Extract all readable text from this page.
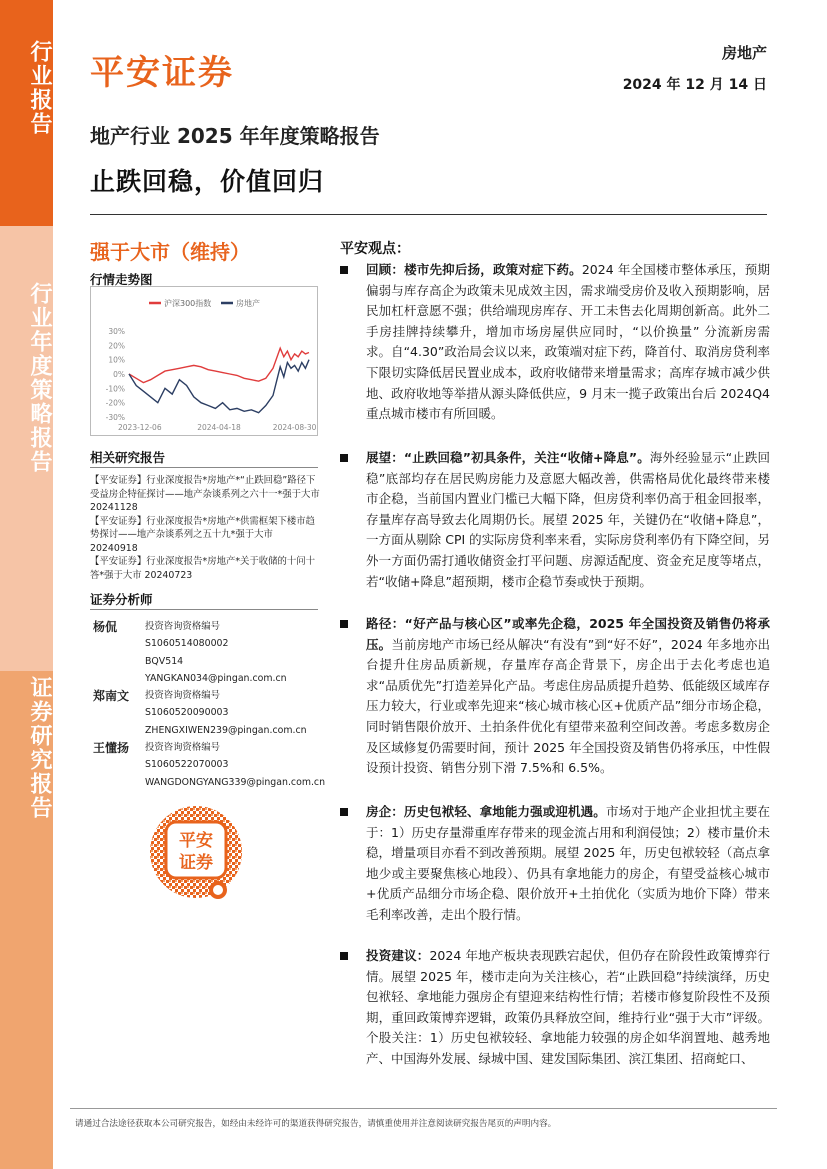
行业报告
行业年度策略报告
证券研究报告
平安证券	房地产
2024 年 12 月 14 日
地产行业 2025 年年度策略报告
止跌回稳，价值回归
强于大市（维持）
行情走势图
沪深300指数	房地产
30%
20%
10%
0%
-10%
-20%
-30%
2023-12-06	2024-04-18	2024-08-30
相关研究报告
【平安证券】行业深度报告*房地产*“止跌回稳”路径下受益房企特征探讨——地产杂谈系列之六十一*强于大市 20241128
【平安证券】行业深度报告*房地产*供需框架下楼市趋势探讨——地产杂谈系列之五十九*强于大市 20240918
【平安证券】行业深度报告*房地产*关于收储的十问十答*强于大市 20240723
证券分析师
杨侃	投资咨询资格编号
S1060514080002
BQV514
YANGKAN034@pingan.com.cn
郑南文 投资咨询资格编号
S1060520090003
ZHENGXIWEN239@pingan.com.cn
王懂扬 投资咨询资格编号
S1060522070003
WANGDONGYANG339@pingan.com.cn
平安
证券
平安观点：
回顾：楼市先抑后扬，政策对症下药。2024 年全国楼市整体承压，预期偏弱与库存高企为政策未见成效主因，需求端受房价及收入预期影响，居民加杠杆意愿不强；供给端现房库存、开工未售去化周期创新高。此外二手房挂牌持续攀升，增加市场房屋供应同时，“以价换量” 分流新房需求。自“4.30”政治局会议以来，政策端对症下药，降首付、取消房贷利率下限切实降低居民置业成本，政府收储带来增量需求；高库存城市减少供地、政府收地等举措从源头降低供应，9 月末一揽子政策出台后 2024Q4 重点城市楼市有所回暖。
展望：“止跌回稳”初具条件，关注“收储+降息”。海外经验显示“止跌回稳”底部均存在居民购房能力及意愿大幅改善，供需格局优化最终带来楼市企稳，当前国内置业门槛已大幅下降，但房贷利率仍高于租金回报率，存量库存高导致去化周期仍长。展望 2025 年，关键仍在“收储+降息”，一方面从剔除 CPI 的实际房贷利率来看，实际房贷利率仍有下降空间，另外一方面仍需打通收储资金打平问题、房源适配度、资金充足度等堵点，若“收储+降息”超预期，楼市企稳节奏或快于预期。
路径：“好产品与核心区”或率先企稳，2025 年全国投资及销售仍将承压。当前房地产市场已经从解决“有没有”到“好不好”，2024 年多地亦出台提升住房品质新规，存量库存高企背景下，房企出于去化考虑也追求“品质优先”打造差异化产品。考虑住房品质提升趋势、低能级区域库存压力较大，行业或率先迎来“核心城市核心区+优质产品”细分市场企稳，同时销售限价放开、土拍条件优化有望带来盈利空间改善。考虑多数房企及区域修复仍需要时间，预计 2025 年全国投资及销售仍将承压，中性假设预计投资、销售分别下滑 7.5%和 6.5%。
房企：历史包袱轻、拿地能力强或迎机遇。市场对于地产企业担忧主要在于：1）历史存量滞重库存带来的现金流占用和利润侵蚀；2）楼市量价未稳，增量项目亦看不到改善预期。展望 2025 年，历史包袱较轻（高点拿地少或主要聚焦核心地段）、仍具有拿地能力的房企，有望受益核心城市+优质产品细分市场企稳、限价放开+土拍优化（实质为地价下降）带来毛利率改善，走出个股行情。
投资建议：2024 年地产板块表现跌宕起伏，但仍存在阶段性政策博弈行情。展望 2025 年，楼市走向为关注核心，若“止跌回稳”持续演绎，历史包袱轻、拿地能力强房企有望迎来结构性行情；若楼市修复阶段性不及预期，重回政策博弈逻辑，政策仍具释放空间，维持行业“强于大市”评级。个股关注：1）历史包袱较轻、拿地能力较强的房企如华润置地、越秀地产、中国海外发展、绿城中国、建发国际集团、滨江集团、招商蛇口、
请通过合法途径获取本公司研究报告，如经由未经许可的渠道获得研究报告，请慎重使用并注意阅读研究报告尾页的声明内容。
